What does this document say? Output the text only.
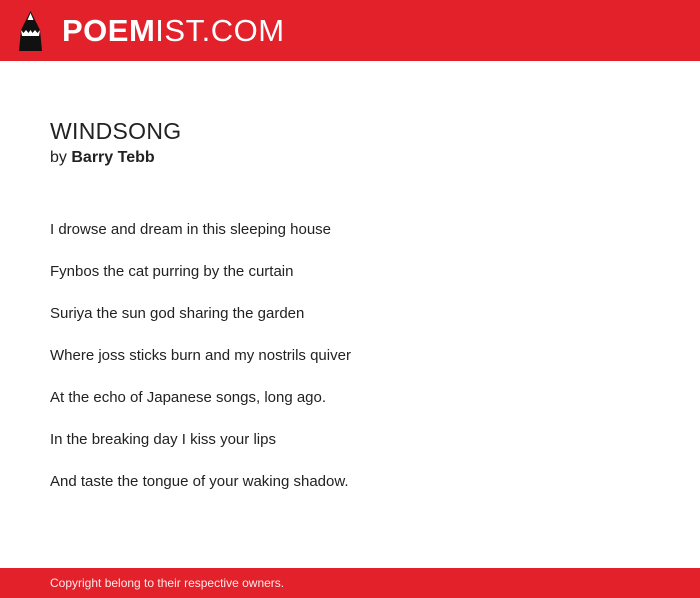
POEMIST.COM
WINDSONG
by Barry Tebb

I drowse and dream in this sleeping house

Fynbos the cat purring by the curtain

Suriya the sun god sharing the garden

Where joss sticks burn and my nostrils quiver

At the echo of Japanese songs, long ago.

In the breaking day I kiss your lips

And taste the tongue of your waking shadow.

Copyright belong to their respective owners.
